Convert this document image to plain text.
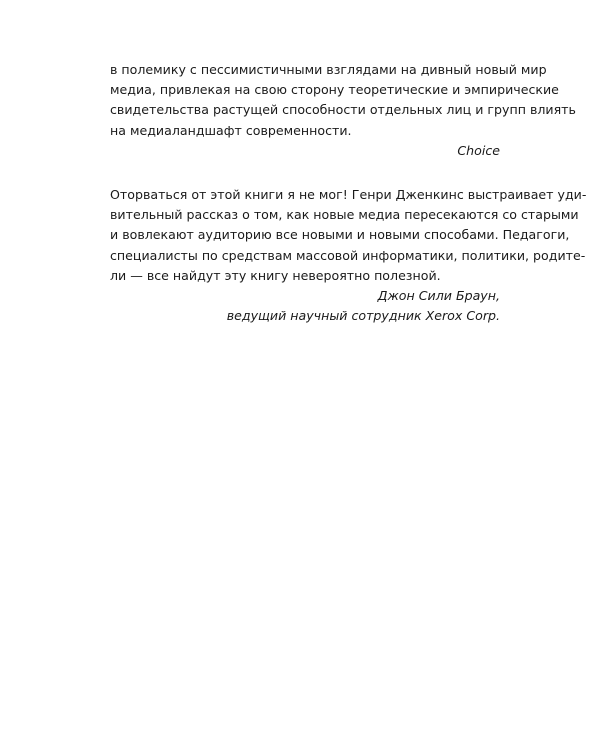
в полемику с пессимистичными взглядами на дивный новый мир
медиа, привлекая на свою сторону теоретические и эмпирические
свидетельства растущей способности отдельных лиц и групп влиять
на медиаландшафт современности.
Choice
Оторваться от этой книги я не мог! Генри Дженкинс выстраивает уди-
вительный рассказ о том, как новые медиа пересекаются со старыми
и вовлекают аудиторию все новыми и новыми способами. Педагоги,
специалисты по средствам массовой информатики, политики, родите-
ли — все найдут эту книгу невероятно полезной.
Джон Сили Браун,
ведущий научный сотрудник Xerox Corp.
